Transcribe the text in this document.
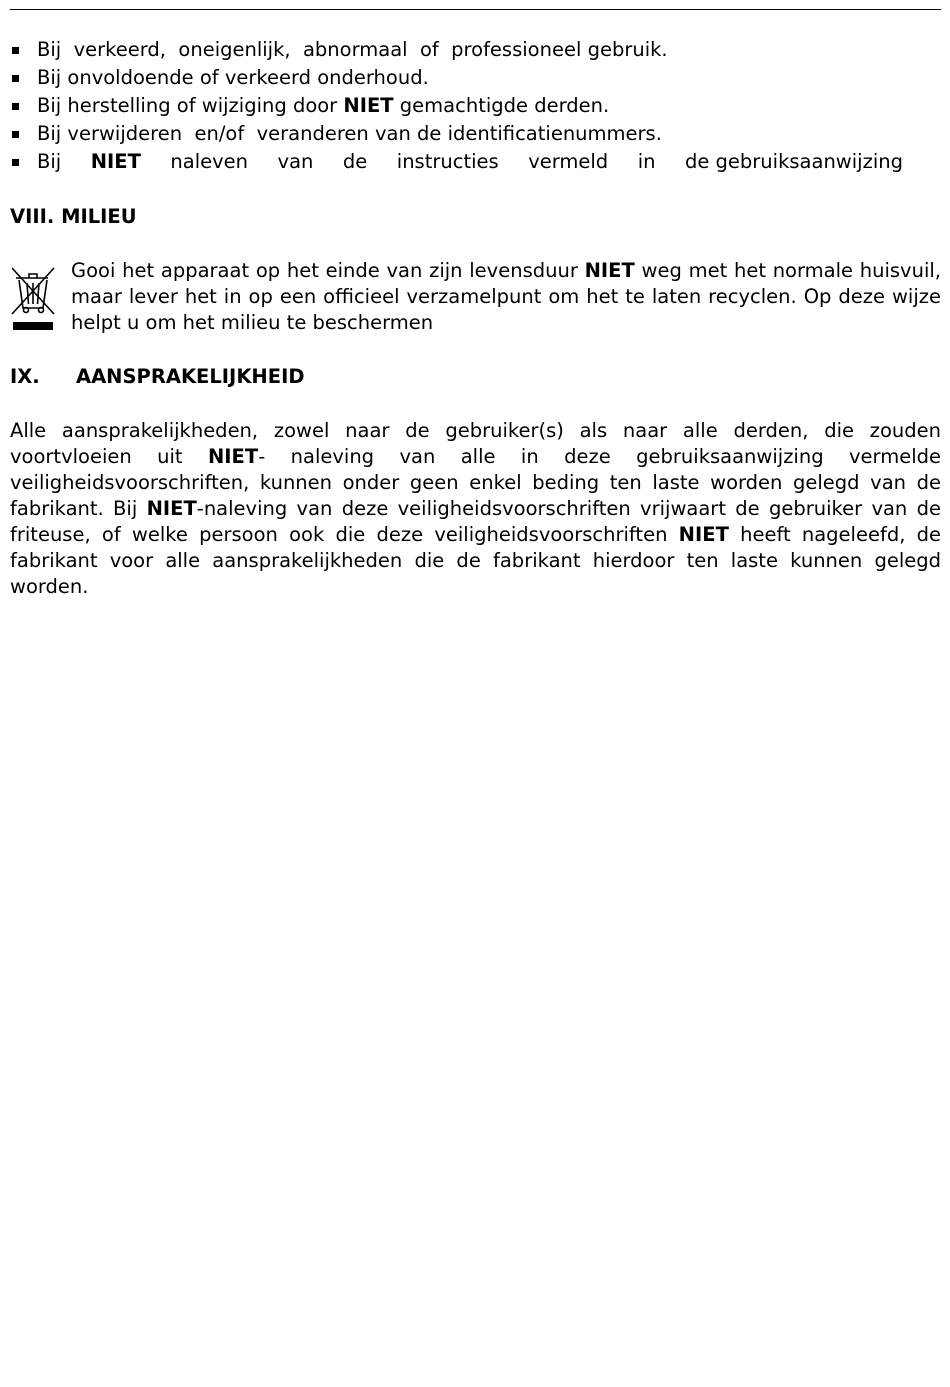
Bij  verkeerd,  oneigenlijk,  abnormaal  of  professioneel gebruik.
Bij onvoldoende of verkeerd onderhoud.
Bij herstelling of wijziging door NIET gemachtigde derden.
Bij verwijderen  en/of  veranderen van de identificatienummers.
Bij NIET naleven van de instructies vermeld in de gebruiksaanwijzing
VIII. MILIEU

Gooi het apparaat op het einde van zijn levensduur NIET weg met het normale huisvuil, maar lever het in op een officieel verzamelpunt om het te laten recyclen. Op deze wijze helpt u om het milieu te beschermen

IX. AANSPRAKELIJKHEID

Alle aansprakelijkheden, zowel naar de gebruiker(s) als naar alle derden, die zouden voortvloeien uit NIET- naleving van alle in deze gebruiksaanwijzing vermelde veiligheidsvoorschriften, kunnen onder geen enkel beding ten laste worden gelegd van de fabrikant. Bij NIET-naleving van deze veiligheidsvoorschriften vrijwaart de gebruiker van de friteuse, of welke persoon ook die deze veiligheidsvoorschriften NIET heeft nageleefd, de fabrikant voor alle aansprakelijkheden die de fabrikant hierdoor ten laste kunnen gelegd worden.
